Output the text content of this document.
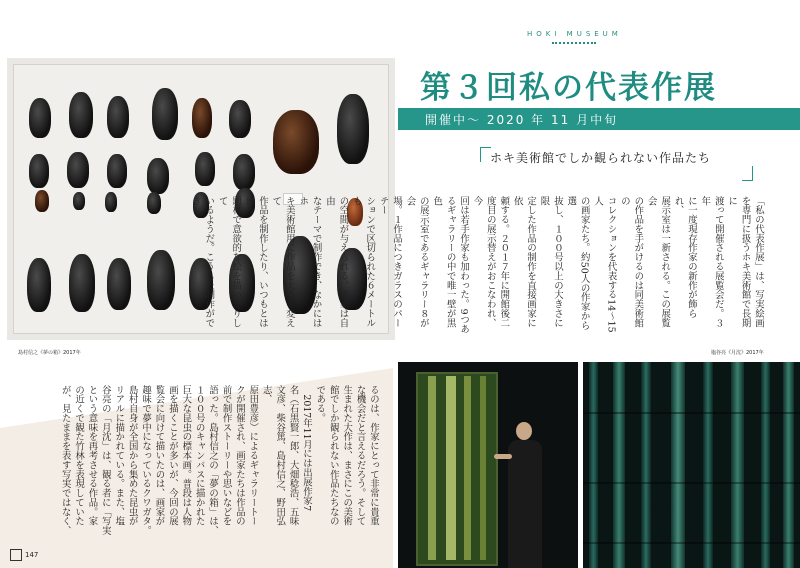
島村信之《夢の箱》2017年
HOKI MUSEUM
第３回私の代表作展
開催中～ 2020 年 11 月中旬
ホキ美術館でしか観られない作品たち
「私の代表作展」は、写実絵画
を専門に扱うホキ美術館で長期に
渡って開催される展覧会だ。３年
に一度現存作家の新作が飾られ、
展示室は一新される。この展覧会
の作品を手がけるのは同美術館の
コレクションを代表する14～15人
の画家たち。約50人の作家から選
抜し、１００号以上の大きさに限
定した作品の制作を直接画家に依
頼する。２０１７年に開館後二
度目の展示替えがおこなわれ、今
回は若手作家も加わった。9つあ
るギャラリーの中で唯一壁が黒色
の展示室であるギャラリー８が会
場。１作品につきガラスのパーテー
ションで区切られた６メートルも
の空間が与えられる。画家は自由
なテーマで制作でき、なかにはホ
キ美術館用に作品を大きく変えて
作品を制作したり、いつもとは違う
題材で意欲的な絵を描いたりして
いるようだ。こうした制作ができ
るのは、作家にとって非常に貴重
な機会だと言えるだろう。そして
生まれた大作は、まさにこの美術
館でしか観られない作品たちなの
である。
　2017年11月には出展作家7
名（石黒賢一郎、大畑稔浩、五味
文彦、柴谷篤、島村信之、野田弘志、
原田豊彦）によるギャラリートー
クが開催され、画家たちは作品の
前で制作ストーリーや思いなどを
語った。島村信之の「夢の箱」は、
１００号のキャンバスに描かれた
巨大な昆虫の標本画。普段は人物
画を描くことが多いが、今回の展
覧会に向けて描いたのは、画家が
趣味で夢中になっているクワガタ。
島村自身が全国から集めた昆虫が
リアルに描かれている。また、塩
谷亮の「月沈」は、観る者に「写実
という意味を再考させる作品。家
の近くで観た竹林を表現していた
が、見たままを表す写実ではなく、
塩谷亮《月沈》2017年
147
